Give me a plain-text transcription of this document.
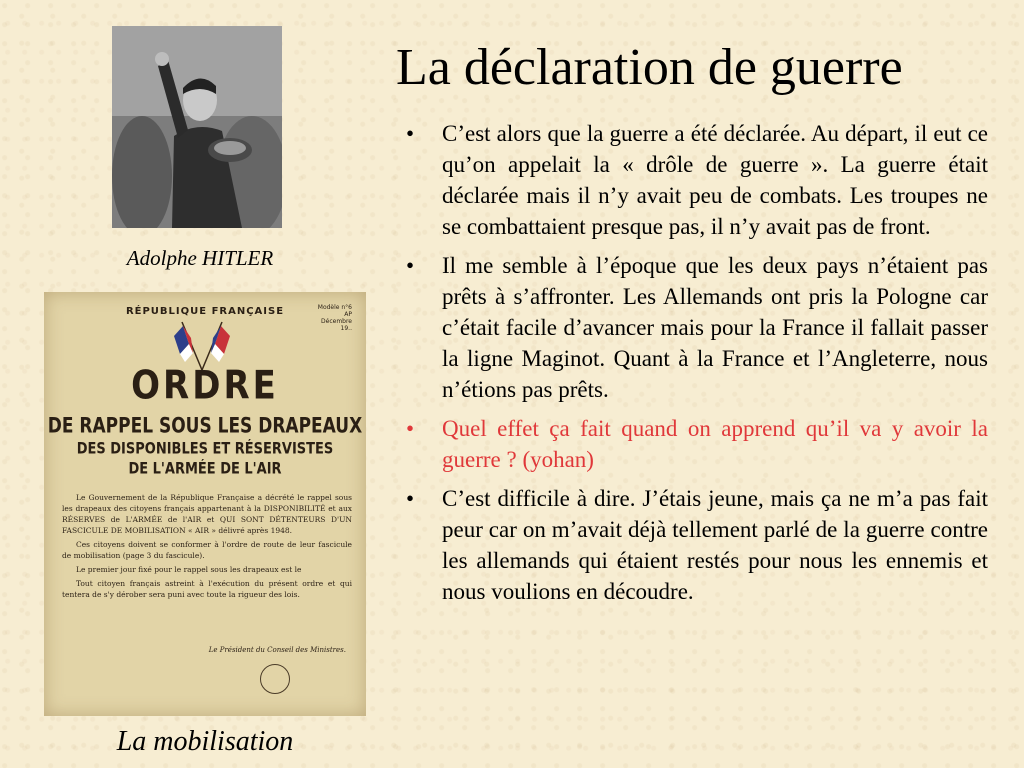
La déclaration de guerre
Adolphe HITLER
RÉPUBLIQUE FRANÇAISE	Modèle n°6 AP
Décembre 19..
ORDRE
DE RAPPEL SOUS LES DRAPEAUX
DES DISPONIBLES ET RÉSERVISTES
DE L'ARMÉE DE L'AIR

Le Gouvernement de la République Française a décrété le rappel sous les drapeaux des citoyens français appartenant à la DISPONIBILITÉ et aux RÉSERVES de L'ARMÉE de l'AIR et QUI SONT DÉTENTEURS D'UN FASCICULE DE MOBILISATION « AIR » délivré après 1948.

Ces citoyens doivent se conformer à l'ordre de route de leur fascicule de mobilisation (page 3 du fascicule).

Le premier jour fixé pour le rappel sous les drapeaux est le

Tout citoyen français astreint à l'exécution du présent ordre et qui tentera de s'y dérober sera puni avec toute la rigueur des lois.

Le Président du Conseil des Ministres.
La mobilisation
• C’est alors que la guerre a été déclarée. Au départ, il eut ce qu’on appelait la « drôle de guerre ». La guerre était déclarée mais il n’y avait peu de combats. Les troupes ne se combattaient presque pas, il n’y avait pas de front.
• Il me semble à l’époque que les deux pays n’étaient pas prêts à s’affronter. Les Allemands ont pris la Pologne car c’était facile d’avancer mais pour la France il fallait passer la ligne Maginot. Quant à la France et l’Angleterre, nous n’étions pas prêts.
• Quel effet ça fait quand on apprend qu’il va y avoir la guerre ? (yohan)
• C’est difficile à dire. J’étais jeune, mais ça ne m’a pas fait peur car on m’avait déjà tellement parlé de la guerre contre les allemands qui étaient restés pour nous les ennemis et nous voulions en découdre.
